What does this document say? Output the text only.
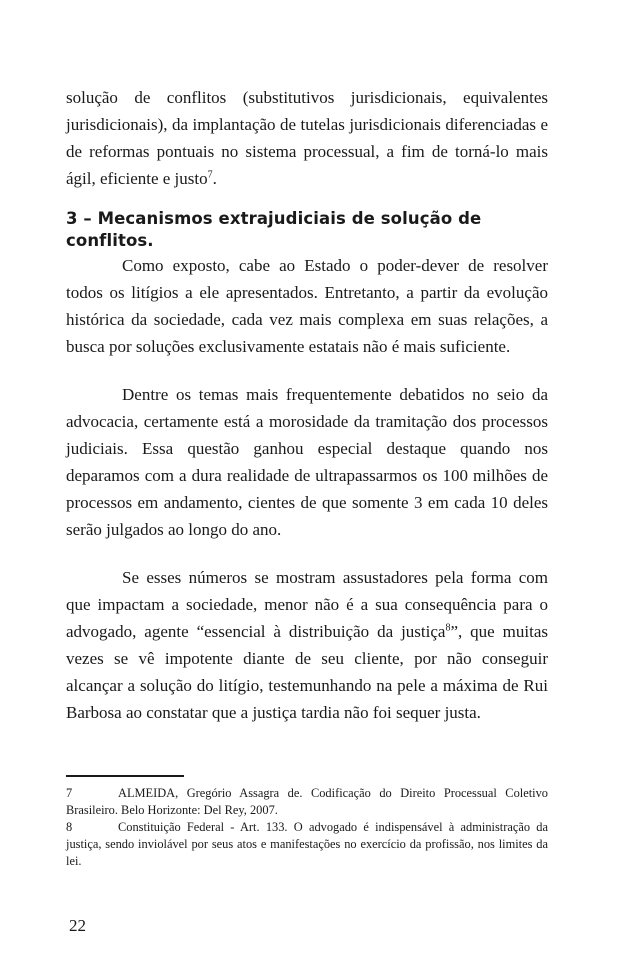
solução de conflitos (substitutivos jurisdicionais, equivalentes jurisdicionais), da implantação de tutelas jurisdicionais diferenciadas e de reformas pontuais no sistema processual, a fim de torná-lo mais ágil, eficiente e justo$^7$.

3 – Mecanismos extrajudiciais de solução de conflitos.

Como exposto, cabe ao Estado o poder-dever de resolver todos os litígios a ele apresentados. Entretanto, a partir da evolução histórica da sociedade, cada vez mais complexa em suas relações, a busca por soluções exclusivamente estatais não é mais suficiente.

Dentre os temas mais frequentemente debatidos no seio da advocacia, certamente está a morosidade da tramitação dos processos judiciais. Essa questão ganhou especial destaque quando nos deparamos com a dura realidade de ultrapassarmos os 100 milhões de processos em andamento, cientes de que somente 3 em cada 10 deles serão julgados ao longo do ano.

Se esses números se mostram assustadores pela forma com que impactam a sociedade, menor não é a sua consequência para o advogado, agente “essencial à distribuição da justiça$^8$”, que muitas vezes se vê impotente diante de seu cliente, por não conseguir alcançar a solução do litígio, testemunhando na pele a máxima de Rui Barbosa ao constatar que a justiça tardia não foi sequer justa.

7	ALMEIDA, Gregório Assagra de. Codificação do Direito Processual Coletivo Brasileiro. Belo Horizonte: Del Rey, 2007.

8	Constituição Federal - Art. 133. O advogado é indispensável à administração da justiça, sendo inviolável por seus atos e manifestações no exercício da profissão, nos limites da lei.

22
